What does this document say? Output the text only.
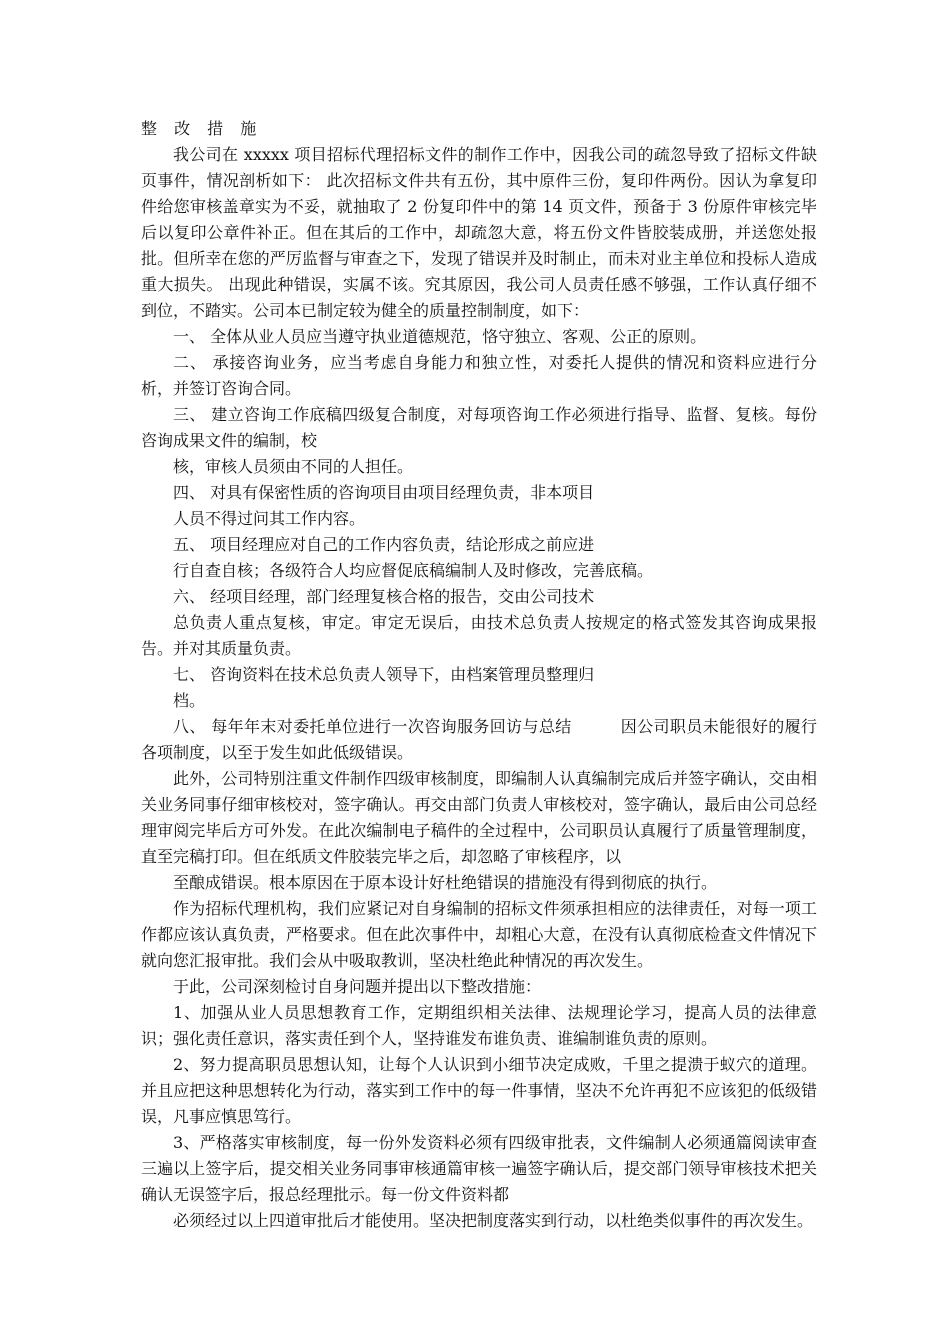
整 改 措 施

我公司在 xxxxx 项目招标代理招标文件的制作工作中，因我公司的疏忽导致了招标文件缺页事件，情况剖析如下： 此次招标文件共有五份，其中原件三份，复印件两份。因认为拿复印件给您审核盖章实为不妥，就抽取了 2 份复印件中的第 14 页文件，预备于 3 份原件审核完毕后以复印公章件补正。但在其后的工作中，却疏忽大意，将五份文件皆胶装成册，并送您处报批。但所幸在您的严厉监督与审查之下，发现了错误并及时制止，而未对业主单位和投标人造成重大损失。 出现此种错误，实属不该。究其原因，我公司人员责任感不够强，工作认真仔细不到位，不踏实。公司本已制定较为健全的质量控制制度，如下：

一、 全体从业人员应当遵守执业道德规范，恪守独立、客观、公正的原则。

二、 承接咨询业务，应当考虑自身能力和独立性，对委托人提供的情况和资料应进行分析，并签订咨询合同。

三、 建立咨询工作底稿四级复合制度，对每项咨询工作必须进行指导、监督、复核。每份咨询成果文件的编制，校

核，审核人员须由不同的人担任。

四、 对具有保密性质的咨询项目由项目经理负责，非本项目

人员不得过问其工作内容。

五、 项目经理应对自己的工作内容负责，结论形成之前应进

行自查自核；各级符合人均应督促底稿编制人及时修改，完善底稿。

六、 经项目经理，部门经理复核合格的报告，交由公司技术

总负责人重点复核，审定。审定无误后，由技术总负责人按规定的格式签发其咨询成果报告。并对其质量负责。

七、 咨询资料在技术总负责人领导下，由档案管理员整理归

档。

八、 每年年末对委托单位进行一次咨询服务回访与总结　　　因公司职员未能很好的履行各项制度，以至于发生如此低级错误。

此外，公司特别注重文件制作四级审核制度，即编制人认真编制完成后并签字确认，交由相关业务同事仔细审核校对，签字确认。再交由部门负责人审核校对，签字确认，最后由公司总经理审阅完毕后方可外发。在此次编制电子稿件的全过程中，公司职员认真履行了质量管理制度，直至完稿打印。但在纸质文件胶装完毕之后，却忽略了审核程序，以

至酿成错误。根本原因在于原本设计好杜绝错误的措施没有得到彻底的执行。

作为招标代理机构，我们应紧记对自身编制的招标文件须承担相应的法律责任，对每一项工作都应该认真负责，严格要求。但在此次事件中，却粗心大意，在没有认真彻底检查文件情况下就向您汇报审批。我们会从中吸取教训，坚决杜绝此种情况的再次发生。

于此，公司深刻检讨自身问题并提出以下整改措施：

1、加强从业人员思想教育工作，定期组织相关法律、法规理论学习，提高人员的法律意识；强化责任意识，落实责任到个人，坚持谁发布谁负责、谁编制谁负责的原则。

2、努力提高职员思想认知，让每个人认识到小细节决定成败，千里之提溃于蚁穴的道理。并且应把这种思想转化为行动，落实到工作中的每一件事情，坚决不允许再犯不应该犯的低级错误，凡事应慎思笃行。

3、严格落实审核制度，每一份外发资料必须有四级审批表，文件编制人必须通篇阅读审查三遍以上签字后，提交相关业务同事审核通篇审核一遍签字确认后，提交部门领导审核技术把关确认无误签字后，报总经理批示。每一份文件资料都

必须经过以上四道审批后才能使用。坚决把制度落实到行动，以杜绝类似事件的再次发生。
